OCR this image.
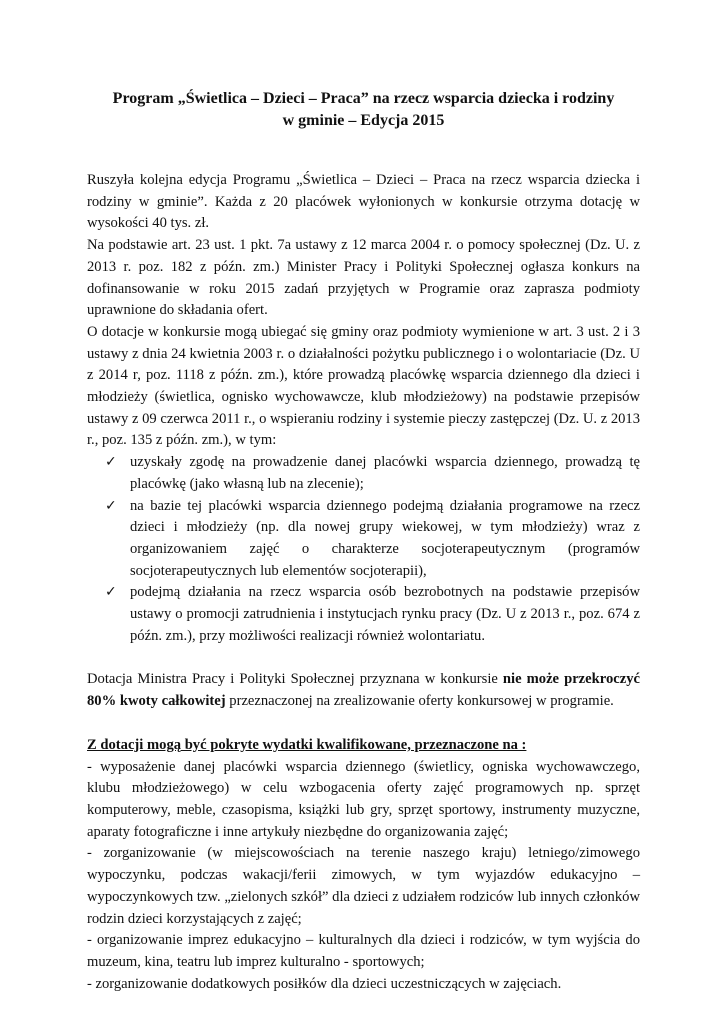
Program „Świetlica – Dzieci – Praca” na rzecz wsparcia dziecka i rodziny
w gminie – Edycja 2015

Ruszyła kolejna edycja Programu „Świetlica – Dzieci – Praca na rzecz wsparcia dziecka i rodziny w gminie”. Każda z 20 placówek wyłonionych w konkursie otrzyma dotację w wysokości 40 tys. zł.

Na podstawie art. 23 ust. 1 pkt. 7a ustawy z 12 marca 2004 r. o pomocy społecznej (Dz. U. z 2013 r. poz. 182 z późn. zm.) Minister Pracy i Polityki Społecznej ogłasza konkurs na dofinansowanie w roku 2015 zadań przyjętych w Programie oraz zaprasza podmioty uprawnione do składania ofert.

O dotacje w konkursie mogą ubiegać się gminy oraz podmioty wymienione w art. 3 ust. 2 i 3 ustawy z dnia 24 kwietnia 2003 r. o działalności pożytku publicznego i o wolontariacie (Dz. U z 2014 r, poz. 1118 z późn. zm.), które prowadzą placówkę wsparcia dziennego dla dzieci i młodzieży (świetlica, ognisko wychowawcze, klub młodzieżowy) na podstawie przepisów ustawy z 09 czerwca 2011 r., o wspieraniu rodziny i systemie pieczy zastępczej (Dz. U. z 2013 r., poz. 135 z późn. zm.), w tym:

✓ uzyskały zgodę na prowadzenie danej placówki wsparcia dziennego, prowadzą tę placówkę (jako własną lub na zlecenie);
✓ na bazie tej placówki wsparcia dziennego podejmą działania programowe na rzecz dzieci i młodzieży (np. dla nowej grupy wiekowej, w tym młodzieży) wraz z organizowaniem zajęć o charakterze socjoterapeutycznym (programów socjoterapeutycznych lub elementów socjoterapii),
✓ podejmą działania na rzecz wsparcia osób bezrobotnych na podstawie przepisów ustawy o promocji zatrudnienia i instytucjach rynku pracy (Dz. U z 2013 r., poz. 674 z późn. zm.), przy możliwości realizacji również wolontariatu.

Dotacja Ministra Pracy i Polityki Społecznej przyznana w konkursie nie może przekroczyć 80% kwoty całkowitej przeznaczonej na zrealizowanie oferty konkursowej w programie.

Z dotacji mogą być pokryte wydatki kwalifikowane, przeznaczone na :

- wyposażenie danej placówki wsparcia dziennego (świetlicy, ogniska wychowawczego, klubu młodzieżowego) w celu wzbogacenia oferty zajęć programowych np. sprzęt komputerowy, meble, czasopisma, książki lub gry, sprzęt sportowy, instrumenty muzyczne, aparaty fotograficzne i inne artykuły niezbędne do organizowania zajęć;

- zorganizowanie (w miejscowościach na terenie naszego kraju) letniego/zimowego wypoczynku, podczas wakacji/ferii zimowych, w tym wyjazdów edukacyjno – wypoczynkowych tzw. „zielonych szkół” dla dzieci z udziałem rodziców lub innych członków rodzin dzieci korzystających z zajęć;

- organizowanie imprez edukacyjno – kulturalnych dla dzieci i rodziców, w tym wyjścia do muzeum, kina, teatru lub imprez kulturalno - sportowych;

- zorganizowanie dodatkowych posiłków dla dzieci uczestniczących w zajęciach.
